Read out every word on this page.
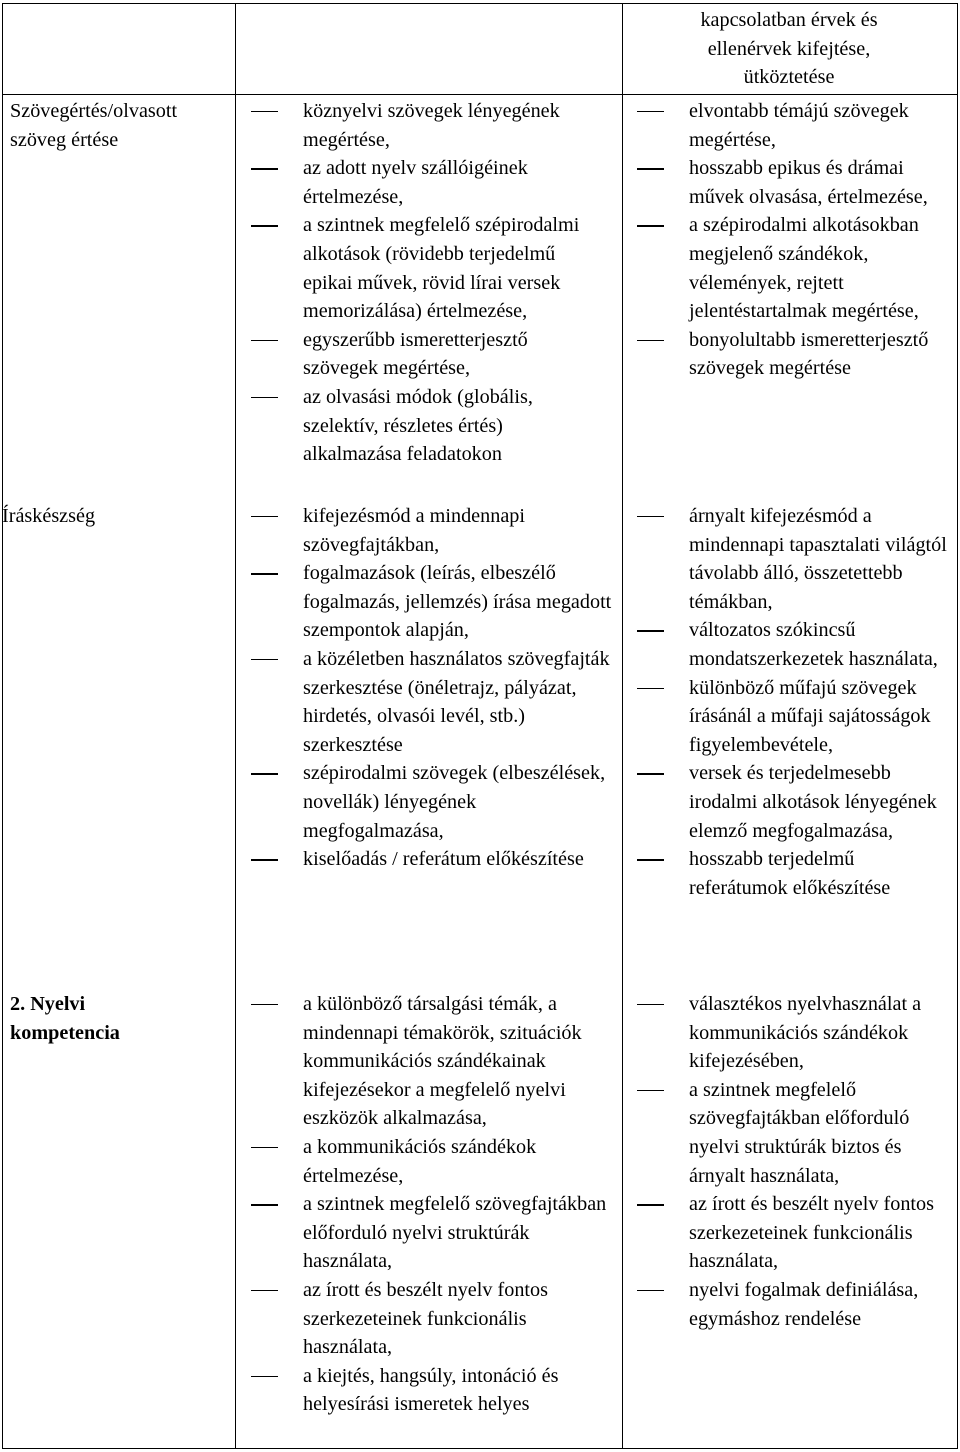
kapcsolatban érvek és ellenérvek kifejtése, ütköztetése
Szövegértés/olvasott szöveg értése
Íráskészség
2. Nyelvi kompetencia
köznyelvi szövegek lényegének megértése,
az adott nyelv szállóigéinek értelmezése,
a szintnek megfelelő szépirodalmi alkotások (rövidebb terjedelmű epikai művek, rövid lírai versek memorizálása) értelmezése,
egyszerűbb ismeretterjesztő szövegek megértése,
az olvasási módok (globális, szelektív, részletes értés) alkalmazása feladatokon
elvontabb témájú szövegek megértése,
hosszabb epikus és drámai művek olvasása, értelmezése,
a szépirodalmi alkotásokban megjelenő szándékok, vélemények, rejtett jelentéstartalmak megértése,
bonyolultabb ismeretterjesztő szövegek megértése
kifejezésmód a mindennapi szövegfajtákban,
fogalmazások (leírás, elbeszélő fogalmazás, jellemzés) írása megadott szempontok alapján,
a közéletben használatos szövegfajták szerkesztése (önéletrajz, pályázat, hirdetés, olvasói levél, stb.) szerkesztése
szépirodalmi szövegek (elbeszélések, novellák) lényegének megfogalmazása,
kiselőadás / referátum előkészítése
árnyalt kifejezésmód a mindennapi tapasztalati világtól távolabb álló, összetettebb témákban,
változatos szókincsű mondatszerkezetek használata,
különböző műfajú szövegek írásánál a műfaji sajátosságok figyelembevétele,
versek és terjedelmesebb irodalmi alkotások lényegének elemző megfogalmazása,
hosszabb terjedelmű referátumok előkészítése
a különböző társalgási témák, a mindennapi témakörök, szituációk kommunikációs szándékainak kifejezésekor a megfelelő nyelvi eszközök alkalmazása,
a kommunikációs szándékok értelmezése,
a szintnek megfelelő szövegfajtákban előforduló nyelvi struktúrák használata,
az írott és beszélt nyelv fontos szerkezeteinek funkcionális használata,
a kiejtés, hangsúly, intonáció és helyesírási ismeretek helyes
választékos nyelvhasználat a kommunikációs szándékok kifejezésében,
a szintnek megfelelő szövegfajtákban előforduló nyelvi struktúrák biztos és árnyalt használata,
az írott és beszélt nyelv fontos szerkezeteinek funkcionális használata,
nyelvi fogalmak definiálása, egymáshoz rendelése
